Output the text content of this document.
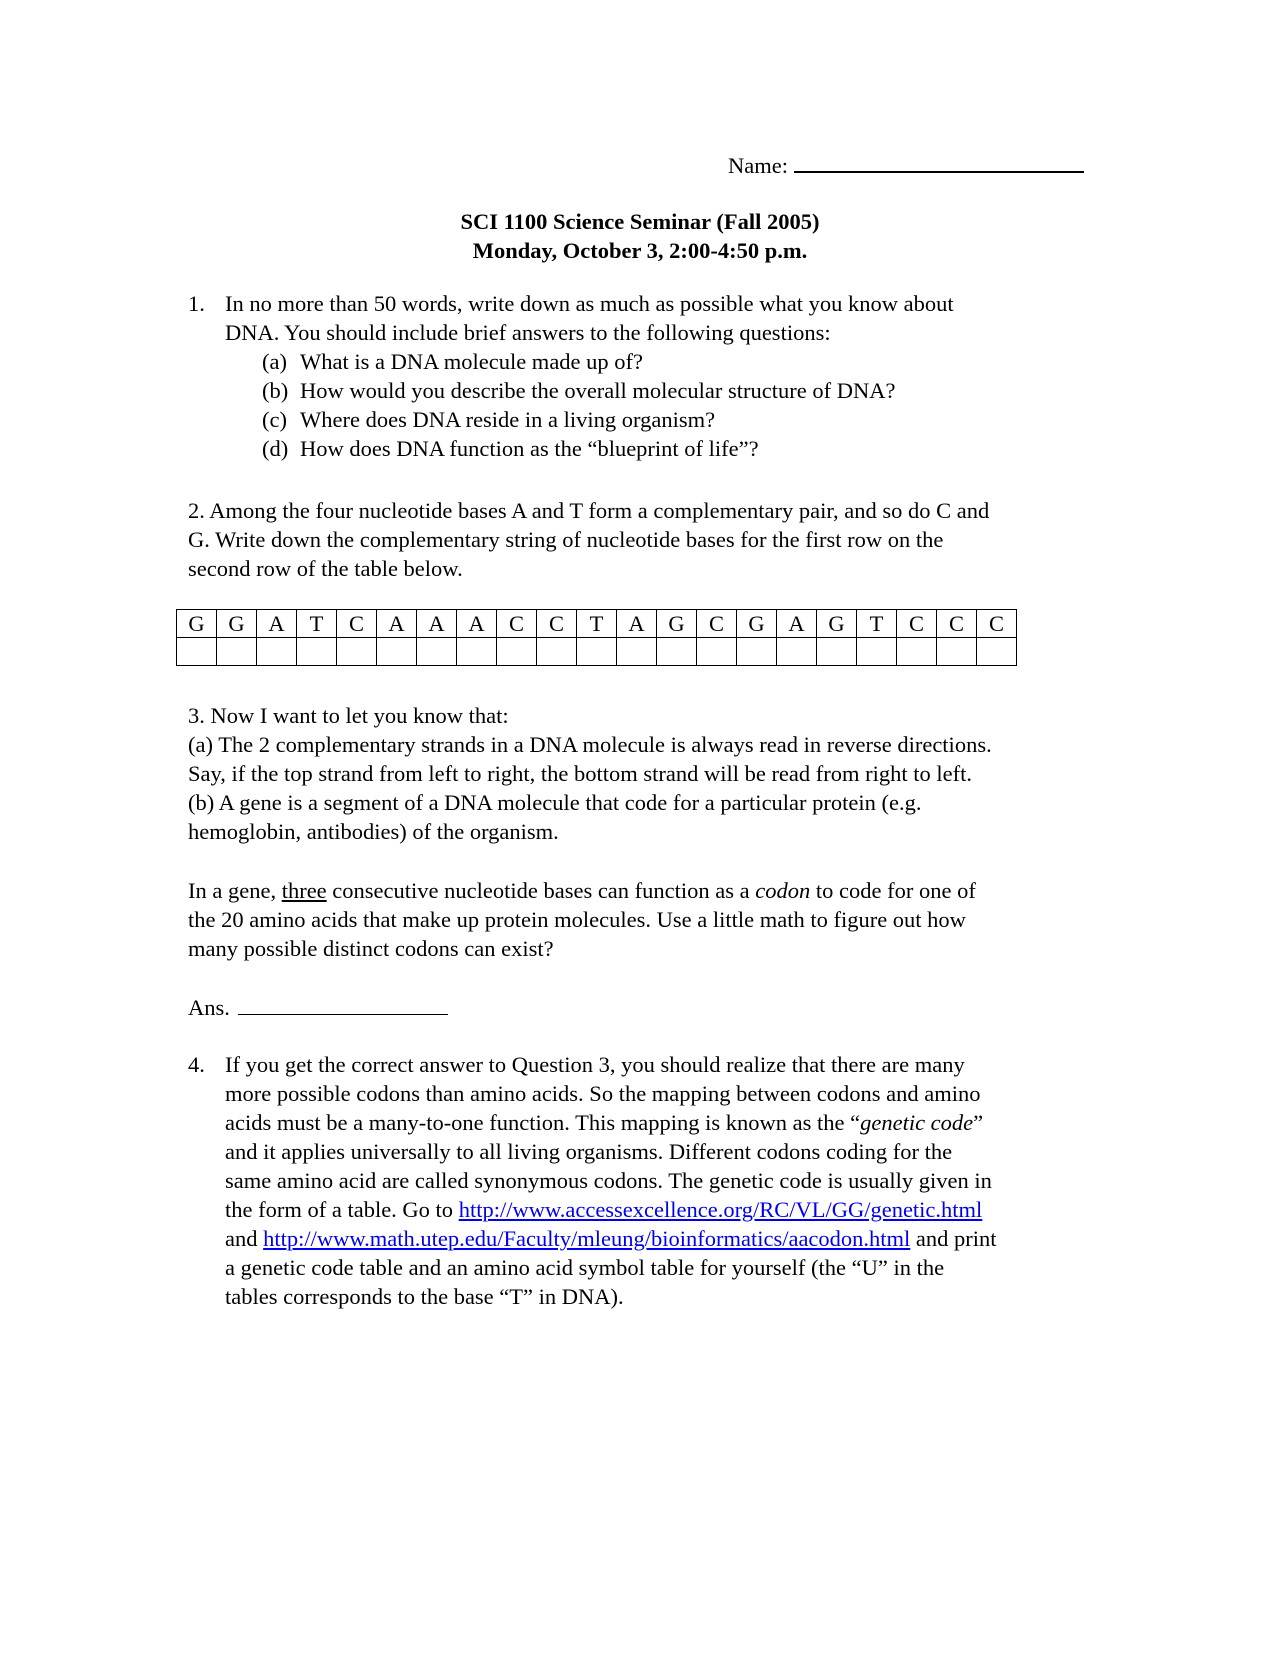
Name:
SCI 1100 Science Seminar (Fall 2005)
Monday, October 3, 2:00-4:50 p.m.
1. In no more than 50 words, write down as much as possible what you know about
DNA. You should include brief answers to the following questions:
(a) What is a DNA molecule made up of?
(b) How would you describe the overall molecular structure of DNA?
(c) Where does DNA reside in a living organism?
(d) How does DNA function as the “blueprint of life”?
2. Among the four nucleotide bases A and T form a complementary pair, and so do C and
G. Write down the complementary string of nucleotide bases for the first row on the
second row of the table below.
G	G	A	T	C	A	A	A	C	C	T	A	G	C	G	A	G	T	C	C	C

3. Now I want to let you know that:
(a) The 2 complementary strands in a DNA molecule is always read in reverse directions.
Say, if the top strand from left to right, the bottom strand will be read from right to left.
(b) A gene is a segment of a DNA molecule that code for a particular protein (e.g.
hemoglobin, antibodies) of the organism.
In a gene, three consecutive nucleotide bases can function as a codon to code for one of
the 20 amino acids that make up protein molecules. Use a little math to figure out how
many possible distinct codons can exist?
Ans.
4. If you get the correct answer to Question 3, you should realize that there are many
more possible codons than amino acids. So the mapping between codons and amino
acids must be a many-to-one function. This mapping is known as the “genetic code”
and it applies universally to all living organisms. Different codons coding for the
same amino acid are called synonymous codons. The genetic code is usually given in
the form of a table. Go to http://www.accessexcellence.org/RC/VL/GG/genetic.html
and http://www.math.utep.edu/Faculty/mleung/bioinformatics/aacodon.html and print
a genetic code table and an amino acid symbol table for yourself (the “U” in the
tables corresponds to the base “T” in DNA).
